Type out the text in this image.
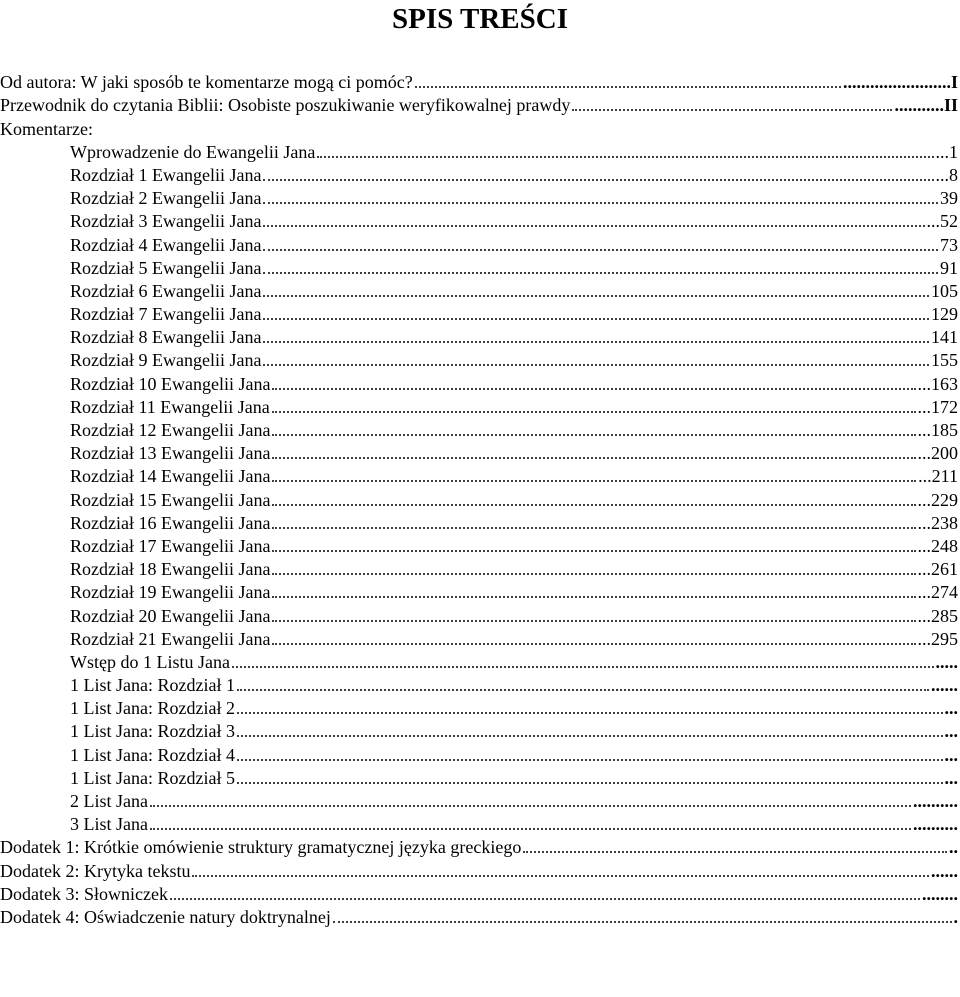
SPIS TREŚCI
Od autora: W jaki sposób te komentarze mogą ci pomóc?	........................I
Przewodnik do czytania Biblii: Osobiste poszukiwanie weryfikowalnej prawdy	...........II
Komentarze:
Wprowadzenie do Ewangelii Jana	...1
Rozdział 1 Ewangelii Jana	...8
Rozdział 2 Ewangelii Jana	39
Rozdział 3 Ewangelii Jana	...52
Rozdział 4 Ewangelii Jana	73
Rozdział 5 Ewangelii Jana	91
Rozdział 6 Ewangelii Jana	105
Rozdział 7 Ewangelii Jana	129
Rozdział 8 Ewangelii Jana	141
Rozdział 9 Ewangelii Jana	155
Rozdział 10 Ewangelii Jana	...163
Rozdział 11 Ewangelii Jana	...172
Rozdział 12 Ewangelii Jana	...185
Rozdział 13 Ewangelii Jana	...200
Rozdział 14 Ewangelii Jana	...211
Rozdział 15 Ewangelii Jana	...229
Rozdział 16 Ewangelii Jana	...238
Rozdział 17 Ewangelii Jana	...248
Rozdział 18 Ewangelii Jana	...261
Rozdział 19 Ewangelii Jana	...274
Rozdział 20 Ewangelii Jana	...285
Rozdział 21 Ewangelii Jana	...295
Wstęp do 1 Listu Jana	.....
1 List Jana: Rozdział 1	......
1 List Jana: Rozdział 2	...
1 List Jana: Rozdział 3	...
1 List Jana: Rozdział 4	...
1 List Jana: Rozdział 5	...
2 List Jana	..........
3 List Jana	..........
Dodatek 1: Krótkie omówienie struktury gramatycznej języka greckiego	..
Dodatek 2: Krytyka tekstu	......
Dodatek 3: Słowniczek	........
Dodatek 4: Oświadczenie natury doktrynalnej	.
